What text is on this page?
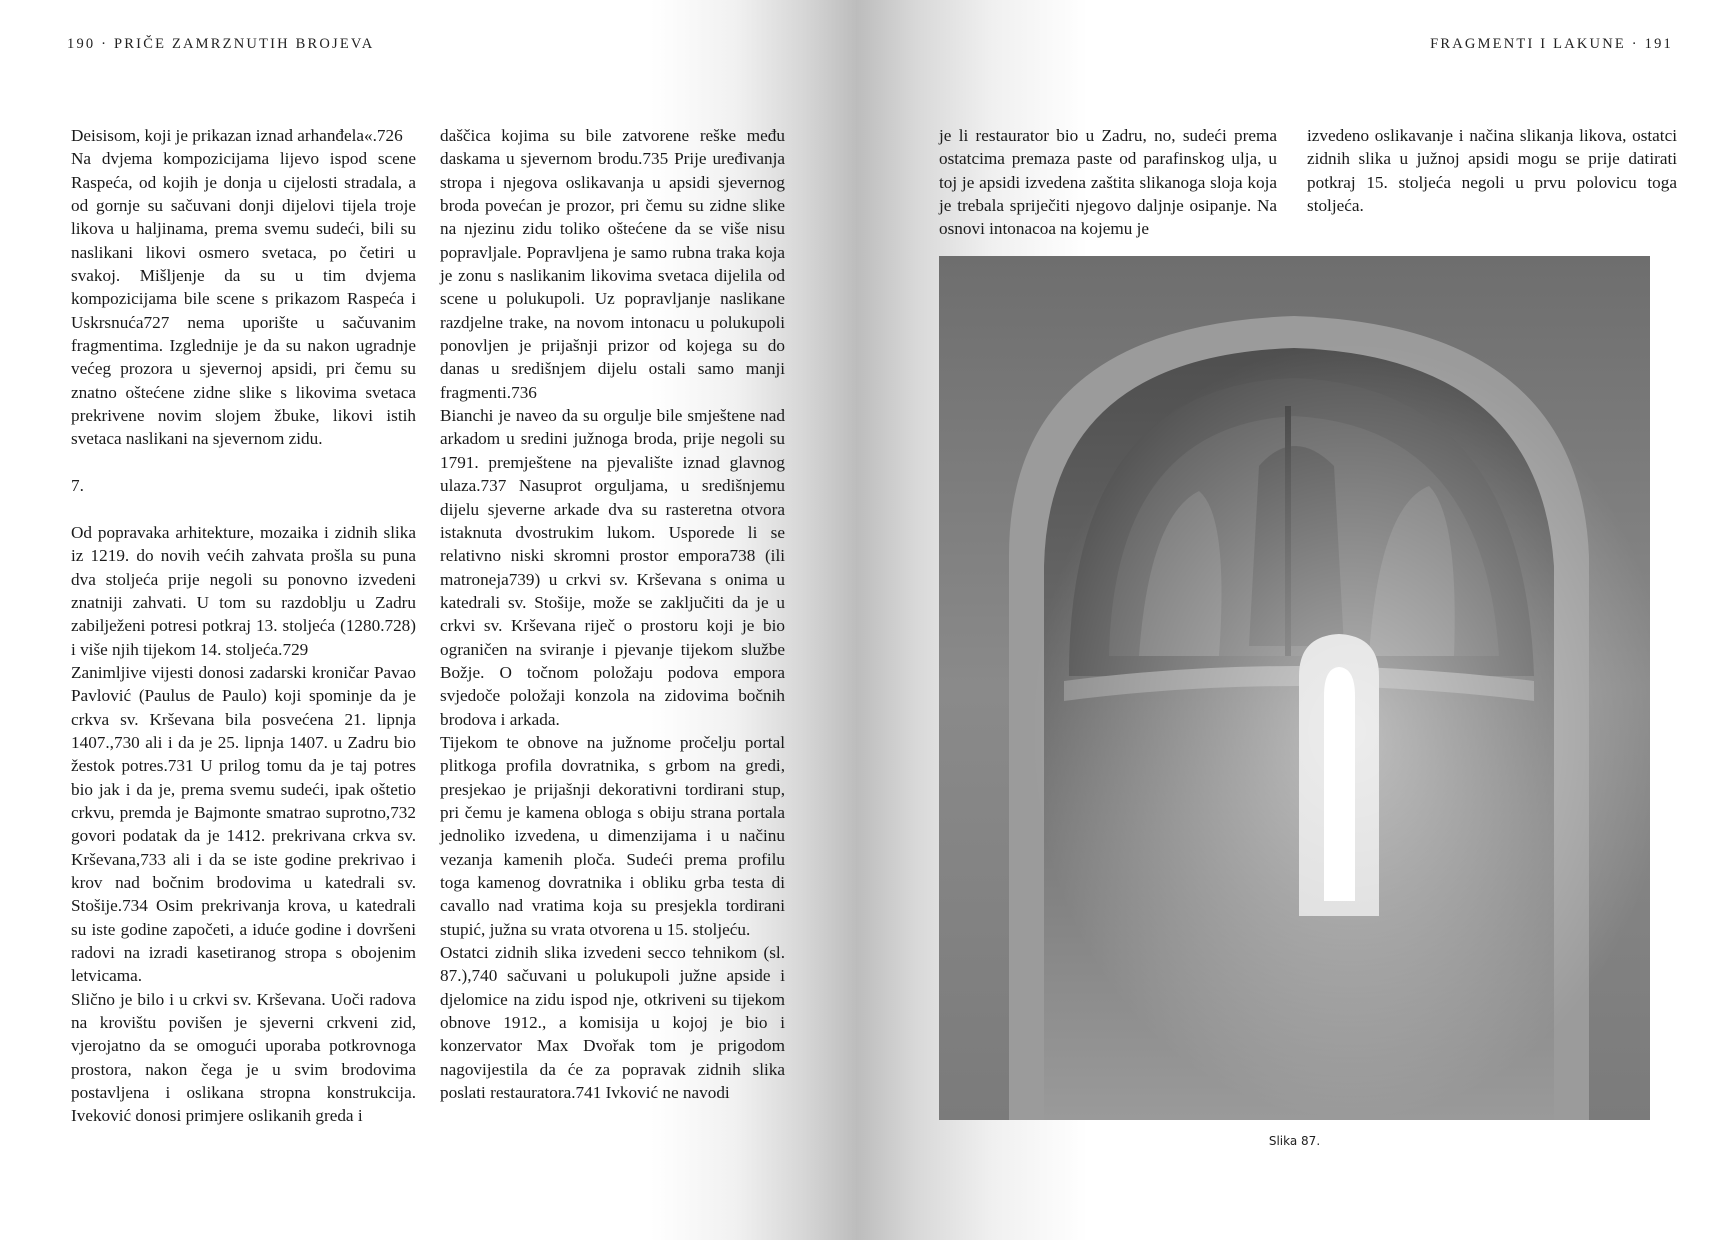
190 · PRIČE ZAMRZNUTIH BROJEVA	FRAGMENTI I LAKUNE · 191
Deisisom, koji je prikazan iznad arhanđela«.726
Na dvjema kompozicijama lijevo ispod scene Raspeća, od kojih je donja u cijelosti stradala, a od gornje su sačuvani donji dijelovi tijela troje likova u haljinama, prema svemu sudeći, bili su naslikani likovi osmero svetaca, po četiri u svakoj. Mišljenje da su u tim dvjema kompozicijama bile scene s prikazom Raspeća i Uskrsnuća727 nema uporište u sačuvanim fragmentima. Izglednije je da su nakon ugradnje većeg prozora u sjevernoj apsidi, pri čemu su znatno oštećene zidne slike s likovima svetaca prekrivene novim slojem žbuke, likovi istih svetaca naslikani na sjevernom zidu.

7.

Od popravaka arhitekture, mozaika i zidnih slika iz 1219. do novih većih zahvata prošla su puna dva stoljeća prije negoli su ponovno izvedeni znatniji zahvati. U tom su razdoblju u Zadru zabilježeni potresi potkraj 13. stoljeća (1280.728) i više njih tijekom 14. stoljeća.729
Zanimljive vijesti donosi zadarski kroničar Pavao Pavlović (Paulus de Paulo) koji spominje da je crkva sv. Krševana bila posvećena 21. lipnja 1407.,730 ali i da je 25. lipnja 1407. u Zadru bio žestok potres.731 U prilog tomu da je taj potres bio jak i da je, prema svemu sudeći, ipak oštetio crkvu, premda je Bajmonte smatrao suprotno,732 govori podatak da je 1412. prekrivana crkva sv. Krševana,733 ali i da se iste godine prekrivao i krov nad bočnim brodovima u katedrali sv. Stošije.734 Osim prekrivanja krova, u katedrali su iste godine započeti, a iduće godine i dovršeni radovi na izradi kasetiranog stropa s obojenim letvicama.
Slično je bilo i u crkvi sv. Krševana. Uoči radova na krovištu povišen je sjeverni crkveni zid, vjerojatno da se omogući uporaba potkrovnoga prostora, nakon čega je u svim brodovima postavljena i oslikana stropna konstrukcija. Iveković donosi primjere oslikanih greda i
daščica kojima su bile zatvorene reške među daskama u sjevernom brodu.735 Prije uređivanja stropa i njegova oslikavanja u apsidi sjevernog broda povećan je prozor, pri čemu su zidne slike na njezinu zidu toliko oštećene da se više nisu popravljale. Popravljena je samo rubna traka koja je zonu s naslikanim likovima svetaca dijelila od scene u polukupoli. Uz popravljanje naslikane razdjelne trake, na novom intonacu u polukupoli ponovljen je prijašnji prizor od kojega su do danas u središnjem dijelu ostali samo manji fragmenti.736
Bianchi je naveo da su orgulje bile smještene nad arkadom u sredini južnoga broda, prije negoli su 1791. premještene na pjevalište iznad glavnog ulaza.737 Nasuprot orguljama, u središnjemu dijelu sjeverne arkade dva su rasteretna otvora istaknuta dvostrukim lukom. Usporede li se relativno niski skromni prostor empora738 (ili matroneja739) u crkvi sv. Krševana s onima u katedrali sv. Stošije, može se zaključiti da je u crkvi sv. Krševana riječ o prostoru koji je bio ograničen na sviranje i pjevanje tijekom službe Božje. O točnom položaju podova empora svjedoče položaji konzola na zidovima bočnih brodova i arkada.
Tijekom te obnove na južnome pročelju portal plitkoga profila dovratnika, s grbom na gredi, presjekao je prijašnji dekorativni tordirani stup, pri čemu je kamena obloga s obiju strana portala jednoliko izvedena, u dimenzijama i u načinu vezanja kamenih ploča. Sudeći prema profilu toga kamenog dovratnika i obliku grba testa di cavallo nad vratima koja su presjekla tordirani stupić, južna su vrata otvorena u 15. stoljeću.
Ostatci zidnih slika izvedeni secco tehnikom (sl. 87.),740 sačuvani u polukupoli južne apside i djelomice na zidu ispod nje, otkriveni su tijekom obnove 1912., a komisija u kojoj je bio i konzervator Max Dvořak tom je prigodom nagovijestila da će za popravak zidnih slika poslati restauratora.741 Ivković ne navodi
je li restaurator bio u Zadru, no, sudeći prema ostatcima premaza paste od parafinskog ulja, u toj je apsidi izvedena zaštita slikanoga sloja koja je trebala spriječiti njegovo daljnje osipanje. Na osnovi intonacoa na kojemu je
izvedeno oslikavanje i načina slikanja likova, ostatci zidnih slika u južnoj apsidi mogu se prije datirati potkraj 15. stoljeća negoli u prvu polovicu toga stoljeća.
Slika 87.
